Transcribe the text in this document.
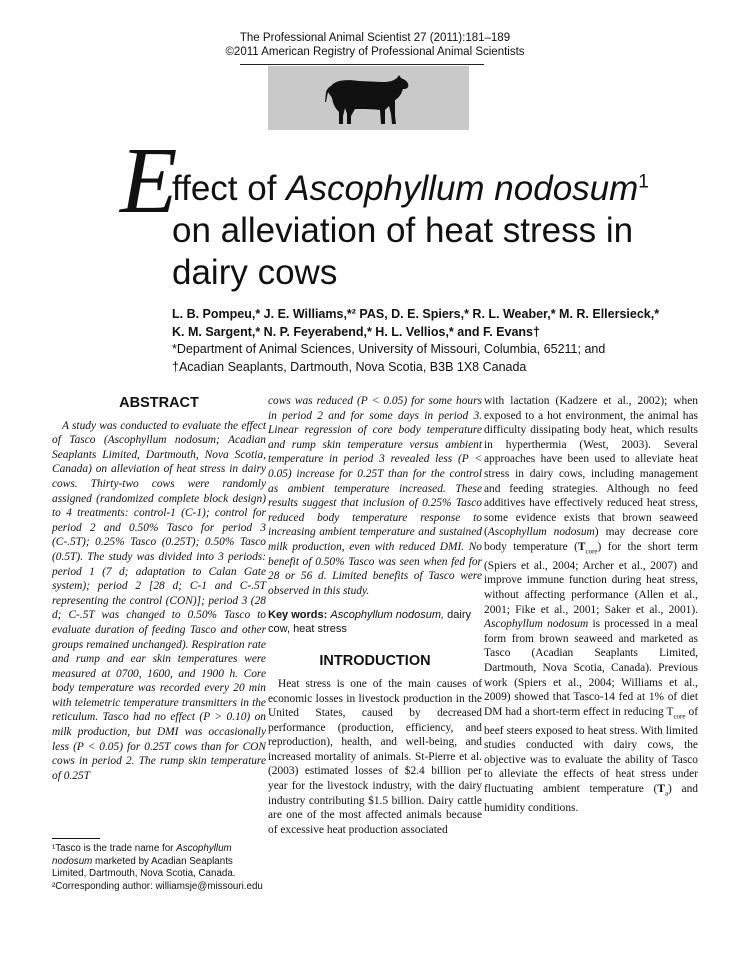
The Professional Animal Scientist 27 (2011):181–189
©2011 American Registry of Professional Animal Scientists
E
ffect of Ascophyllum nodosum$^1$
on alleviation of heat stress in
dairy cows
L. B. Pompeu,* J. E. Williams,*² PAS, D. E. Spiers,* R. L. Weaber,* M. R. Ellersieck,*
K. M. Sargent,* N. P. Feyerabend,* H. L. Vellios,* and F. Evans†
*Department of Animal Sciences, University of Missouri, Columbia, 65211; and
†Acadian Seaplants, Dartmouth, Nova Scotia, B3B 1X8 Canada
ABSTRACT

A study was conducted to evaluate the effect of Tasco (Ascophyllum nodosum; Acadian Seaplants Limited, Dartmouth, Nova Scotia, Canada) on alleviation of heat stress in dairy cows. Thirty-two cows were randomly assigned (randomized complete block design) to 4 treatments: control-1 (C-1); control for period 2 and 0.50% Tasco for period 3 (C-.5T); 0.25% Tasco (0.25T); 0.50% Tasco (0.5T). The study was divided into 3 periods: period 1 (7 d; adaptation to Calan Gate system); period 2 [28 d; C-1 and C-.5T representing the control (CON)]; period 3 (28 d; C-.5T was changed to 0.50% Tasco to evaluate duration of feeding Tasco and other groups remained unchanged). Respiration rate and rump and ear skin temperatures were measured at 0700, 1600, and 1900 h. Core body temperature was recorded every 20 min with telemetric temperature transmitters in the reticulum. Tasco had no effect (P > 0.10) on milk production, but DMI was occasionally less (P < 0.05) for 0.25T cows than for CON cows in period 2. The rump skin temperature of 0.25T

cows was reduced (P < 0.05) for some hours in period 2 and for some days in period 3. Linear regression of core body temperature and rump skin temperature versus ambient temperature in period 3 revealed less (P < 0.05) increase for 0.25T than for the control as ambient temperature increased. These results suggest that inclusion of 0.25% Tasco reduced body temperature response to increasing ambient temperature and sustained milk production, even with reduced DMI. No benefit of 0.50% Tasco was seen when fed for 28 or 56 d. Limited benefits of Tasco were observed in this study.

Key words: Ascophyllum nodosum, dairy cow, heat stress
INTRODUCTION

Heat stress is one of the main causes of economic losses in livestock production in the United States, caused by decreased performance (production, efficiency, and reproduction), health, and well-being, and increased mortality of animals. St-Pierre et al. (2003) estimated losses of $2.4 billion per year for the livestock industry, with the dairy industry contributing $1.5 billion. Dairy cattle are one of the most affected animals because of excessive heat production associated

with lactation (Kadzere et al., 2002); when exposed to a hot environment, the animal has difficulty dissipating body heat, which results in hyperthermia (West, 2003). Several approaches have been used to alleviate heat stress in dairy cows, including management and feeding strategies. Although no feed additives have effectively reduced heat stress, some evidence exists that brown seaweed (Ascophyllum nodosum) may decrease core body temperature $(T_{core})$ for the short term (Spiers et al., 2004; Archer et al., 2007) and improve immune function during heat stress, without affecting performance (Allen et al., 2001; Fike et al., 2001; Saker et al., 2001). Ascophyllum nodosum is processed in a meal form from brown seaweed and marketed as Tasco (Acadian Seaplants Limited, Dartmouth, Nova Scotia, Canada). Previous work (Spiers et al., 2004; Williams et al., 2009) showed that Tasco-14 fed at 1% of diet DM had a short-term effect in reducing $T_{core}$ of beef steers exposed to heat stress. With limited studies conducted with dairy cows, the objective was to evaluate the ability of Tasco to alleviate the effects of heat stress under fluctuating ambient temperature $(T_a)$ and humidity conditions.

¹Tasco is the trade name for Ascophyllum nodosum marketed by Acadian Seaplants Limited, Dartmouth, Nova Scotia, Canada.
²Corresponding author: williamsje@missouri.edu
